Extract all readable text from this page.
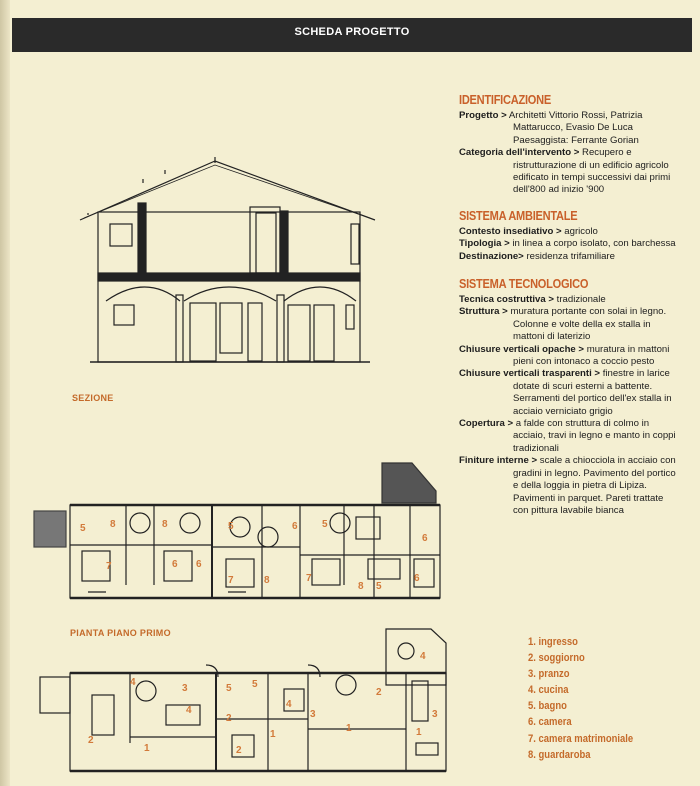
SCHEDA PROGETTO
SEZIONE
5 8	8	5	6 5
6
7	6 6
7	8	7
8 5
6
PIANTA PIANO PRIMO
3
4
5 5
2
4
4
2
3
2
1
2
1
1	1
3
4
IDENTIFICAZIONE
Progetto > Architetti Vittorio Rossi, Patrizia
Mattarucco, Evasio De Luca
Paesaggista: Ferrante Gorian
Categoria dell'intervento > Recupero e
ristrutturazione di un edificio agricolo
edificato in tempi successivi dai primi
dell'800 ad inizio '900
SISTEMA AMBIENTALE
Contesto insediativo > agricolo
Tipologia > in linea a corpo isolato, con barchessa
Destinazione> residenza trifamiliare
SISTEMA TECNOLOGICO
Tecnica costruttiva > tradizionale
Struttura > muratura portante con solai in legno.
Colonne e volte della ex stalla in
mattoni di laterizio
Chiusure verticali opache > muratura in mattoni
pieni con intonaco a coccio pesto
Chiusure verticali trasparenti > finestre in larice
dotate di scuri esterni a battente.
Serramenti del portico dell'ex stalla in
acciaio verniciato grigio
Copertura > a falde con struttura di colmo in
acciaio, travi in legno e manto in coppi
tradizionali
Finiture interne > scale a chiocciola in acciaio con
gradini in legno. Pavimento del portico
e della loggia in pietra di Lipiza.
Pavimenti in parquet. Pareti trattate
con pittura lavabile bianca
1. ingresso
2. soggiorno
3. pranzo
4. cucina
5. bagno
6. camera
7. camera matrimoniale
8. guardaroba
